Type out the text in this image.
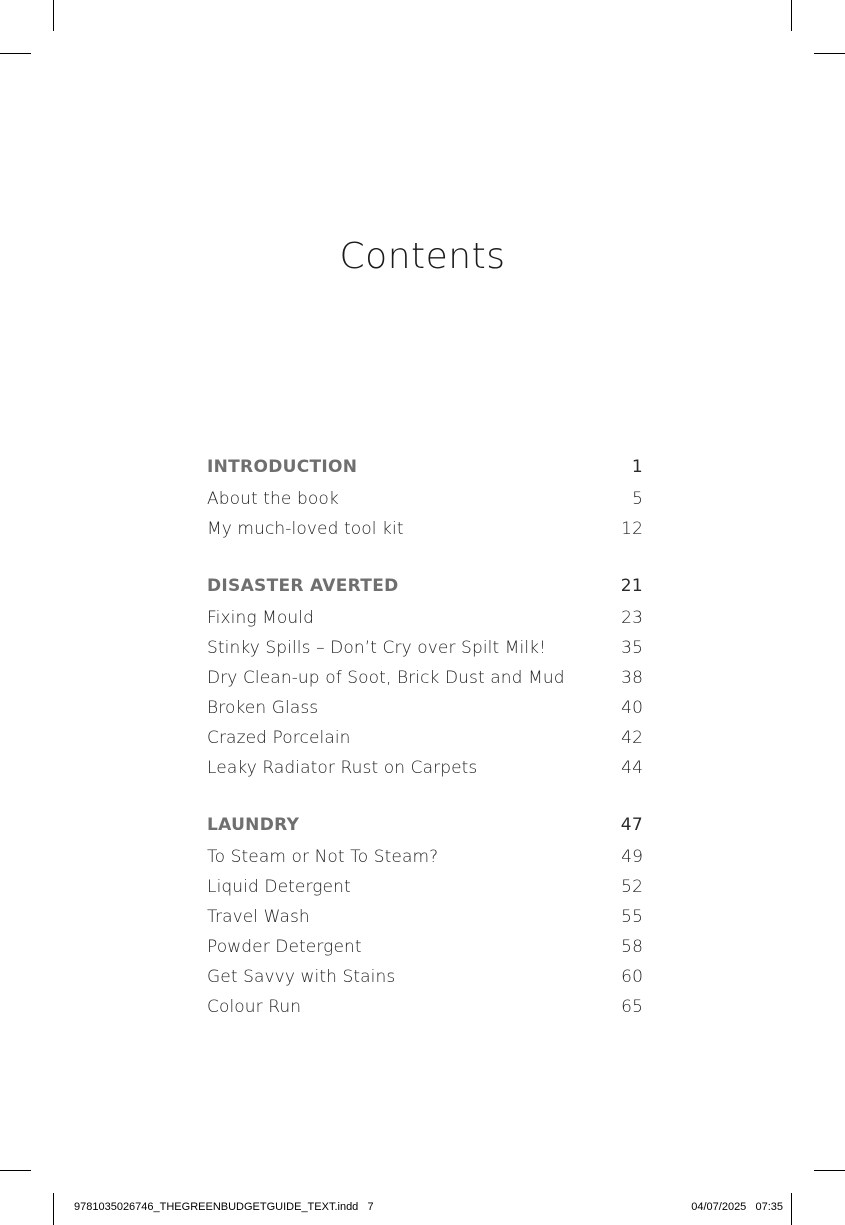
Contents
INTRODUCTION	1
About the book	5
My much-loved tool kit	12
DISASTER AVERTED	21
Fixing Mould	23
Stinky Spills – Don’t Cry over Spilt Milk!	35
Dry Clean-up of Soot, Brick Dust and Mud	38
Broken Glass	40
Crazed Porcelain	42
Leaky Radiator Rust on Carpets	44
LAUNDRY	47
To Steam or Not To Steam?	49
Liquid Detergent	52
Travel Wash	55
Powder Detergent	58
Get Savvy with Stains	60
Colour Run	65
9781035026746_THEGREENBUDGETGUIDE_TEXT.indd   7	04/07/2025   07:35
